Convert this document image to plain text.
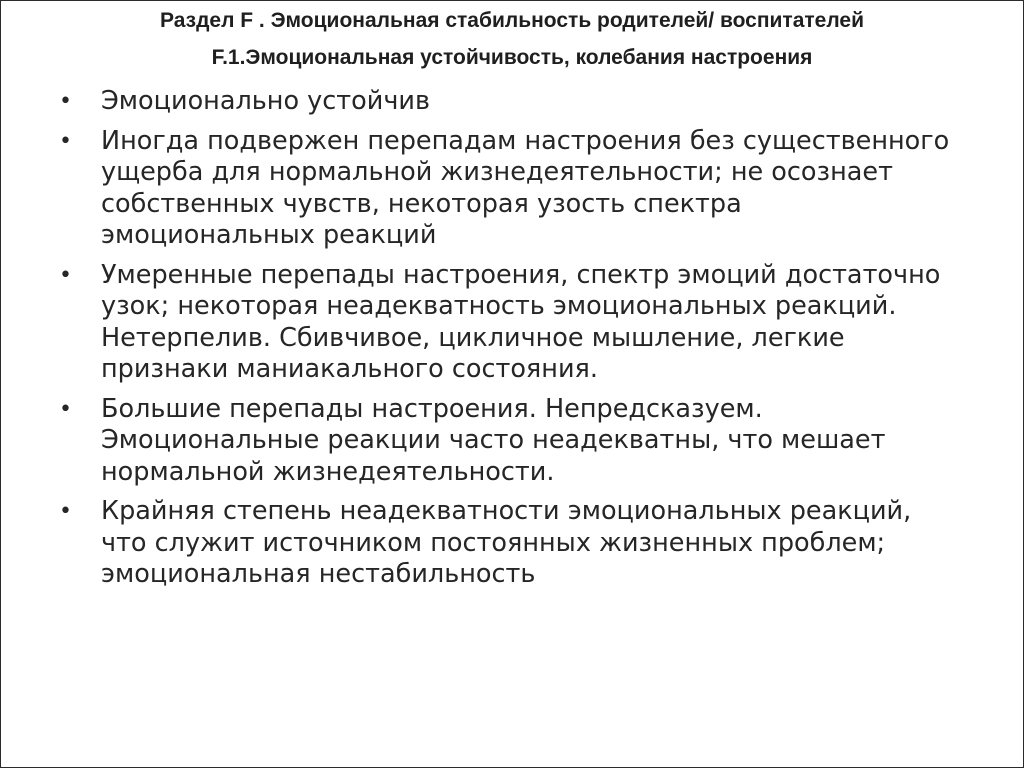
Раздел F . Эмоциональная стабильность родителей/ воспитателей
F.1.Эмоциональная устойчивость, колебания настроения
• Эмоционально устойчив
• Иногда подвержен перепадам настроения без существенного ущерба для нормальной жизнедеятельности; не осознает собственных чувств, некоторая узость спектра эмоциональных реакций
• Умеренные перепады настроения, спектр эмоций достаточно узок; некоторая неадекватность эмоциональных реакций. Нетерпелив. Сбивчивое, цикличное мышление, легкие признаки маниакального состояния.
• Большие перепады настроения. Непредсказуем. Эмоциональные реакции часто неадекватны, что мешает нормальной жизнедеятельности.
• Крайняя степень неадекватности эмоциональных реакций, что служит источником постоянных жизненных проблем; эмоциональная нестабильность
